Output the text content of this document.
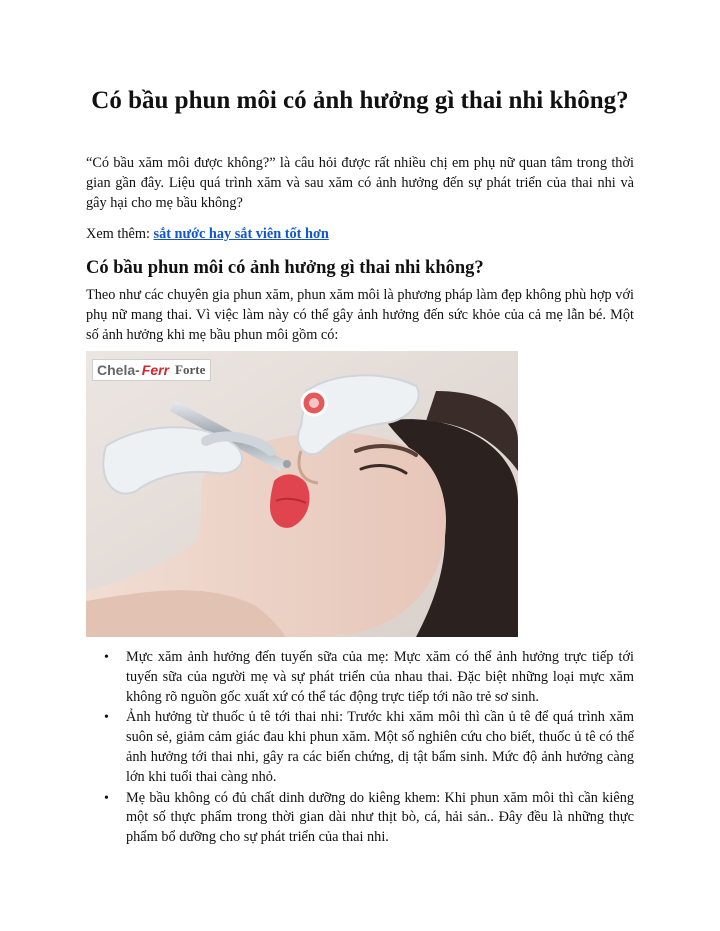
Có bầu phun môi có ảnh hưởng gì thai nhi không?

“Có bầu xăm môi được không?” là câu hỏi được rất nhiều chị em phụ nữ quan tâm trong thời gian gần đây. Liệu quá trình xăm và sau xăm có ảnh hưởng đến sự phát triển của thai nhi và gây hại cho mẹ bầu không?

Xem thêm: sắt nước hay sắt viên tốt hơn

Có bầu phun môi có ảnh hưởng gì thai nhi không?

Theo như các chuyên gia phun xăm, phun xăm môi là phương pháp làm đẹp không phù hợp với phụ nữ mang thai. Vì việc làm này có thể gây ảnh hưởng đến sức khỏe của cả mẹ lẫn bé. Một số ảnh hưởng khi mẹ bầu phun môi gồm có:

Chela- Ferr Forte
•	Mực xăm ảnh hưởng đến tuyến sữa của mẹ: Mực xăm có thể ảnh hưởng trực tiếp tới tuyến sữa của người mẹ và sự phát triển của nhau thai. Đặc biệt những loại mực xăm không rõ nguồn gốc xuất xứ có thể tác động trực tiếp tới não trẻ sơ sinh.
•	Ảnh hưởng từ thuốc ủ tê tới thai nhi: Trước khi xăm môi thì cần ủ tê để quá trình xăm suôn sẻ, giảm cảm giác đau khi phun xăm. Một số nghiên cứu cho biết, thuốc ủ tê có thể ảnh hưởng tới thai nhi, gây ra các biến chứng, dị tật bẩm sinh. Mức độ ảnh hưởng càng lớn khi tuổi thai càng nhỏ.
•	Mẹ bầu không có đủ chất dinh dưỡng do kiêng khem: Khi phun xăm môi thì cần kiêng một số thực phẩm trong thời gian dài như thịt bò, cá, hải sản.. Đây đều là những thực phẩm bổ dưỡng cho sự phát triển của thai nhi.
